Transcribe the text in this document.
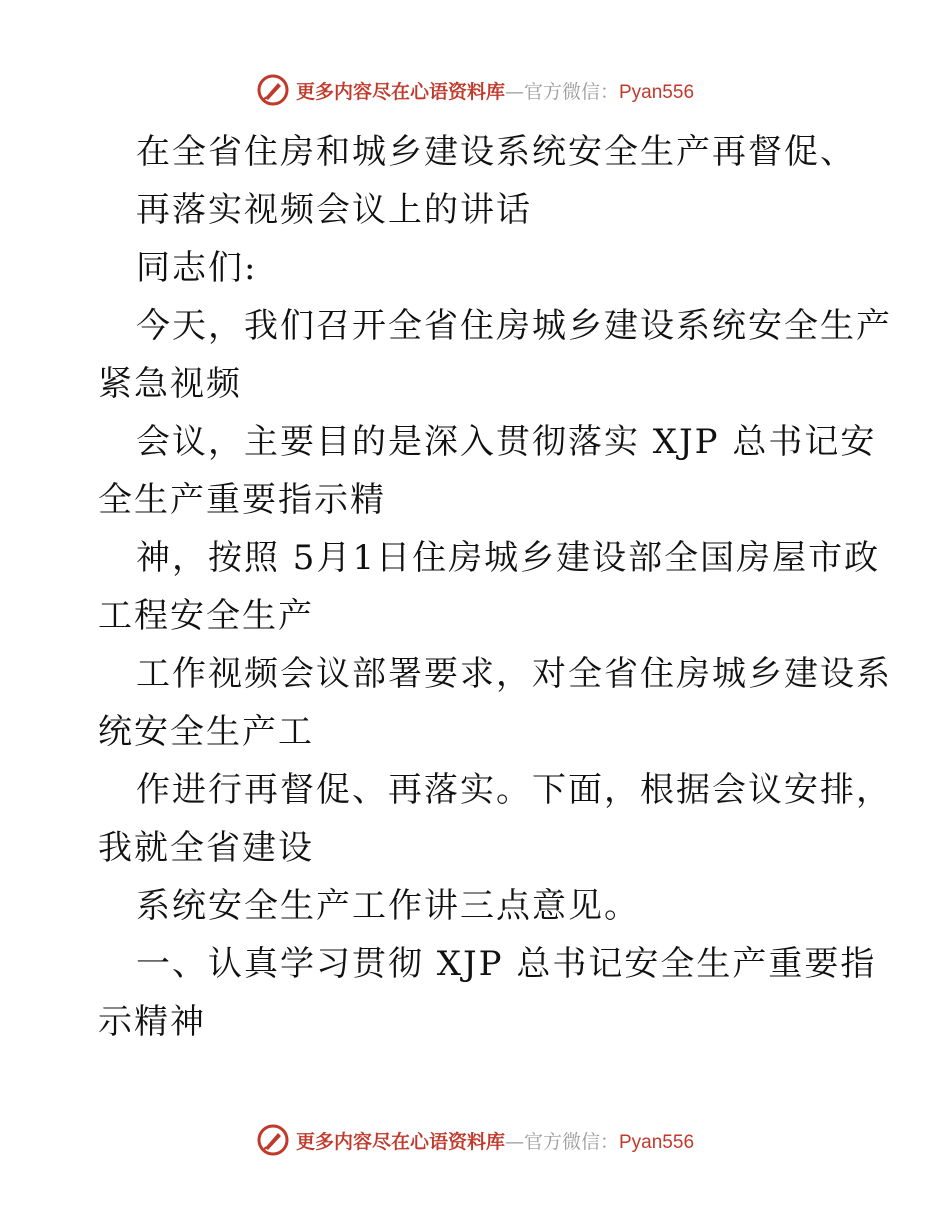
更多内容尽在心语资料库—官方微信：Pyan556
在全省住房和城乡建设系统安全生产再督促、
再落实视频会议上的讲话
同志们:
今天，我们召开全省住房城乡建设系统安全生产
紧急视频
会议，主要目的是深入贯彻落实 XJP 总书记安
全生产重要指示精
神，按照 5月1日住房城乡建设部全国房屋市政
工程安全生产
工作视频会议部署要求，对全省住房城乡建设系
统安全生产工
作进行再督促、再落实。下面，根据会议安排，
我就全省建设
系统安全生产工作讲三点意见。
一、认真学习贯彻 XJP 总书记安全生产重要指
示精神
更多内容尽在心语资料库—官方微信：Pyan556
